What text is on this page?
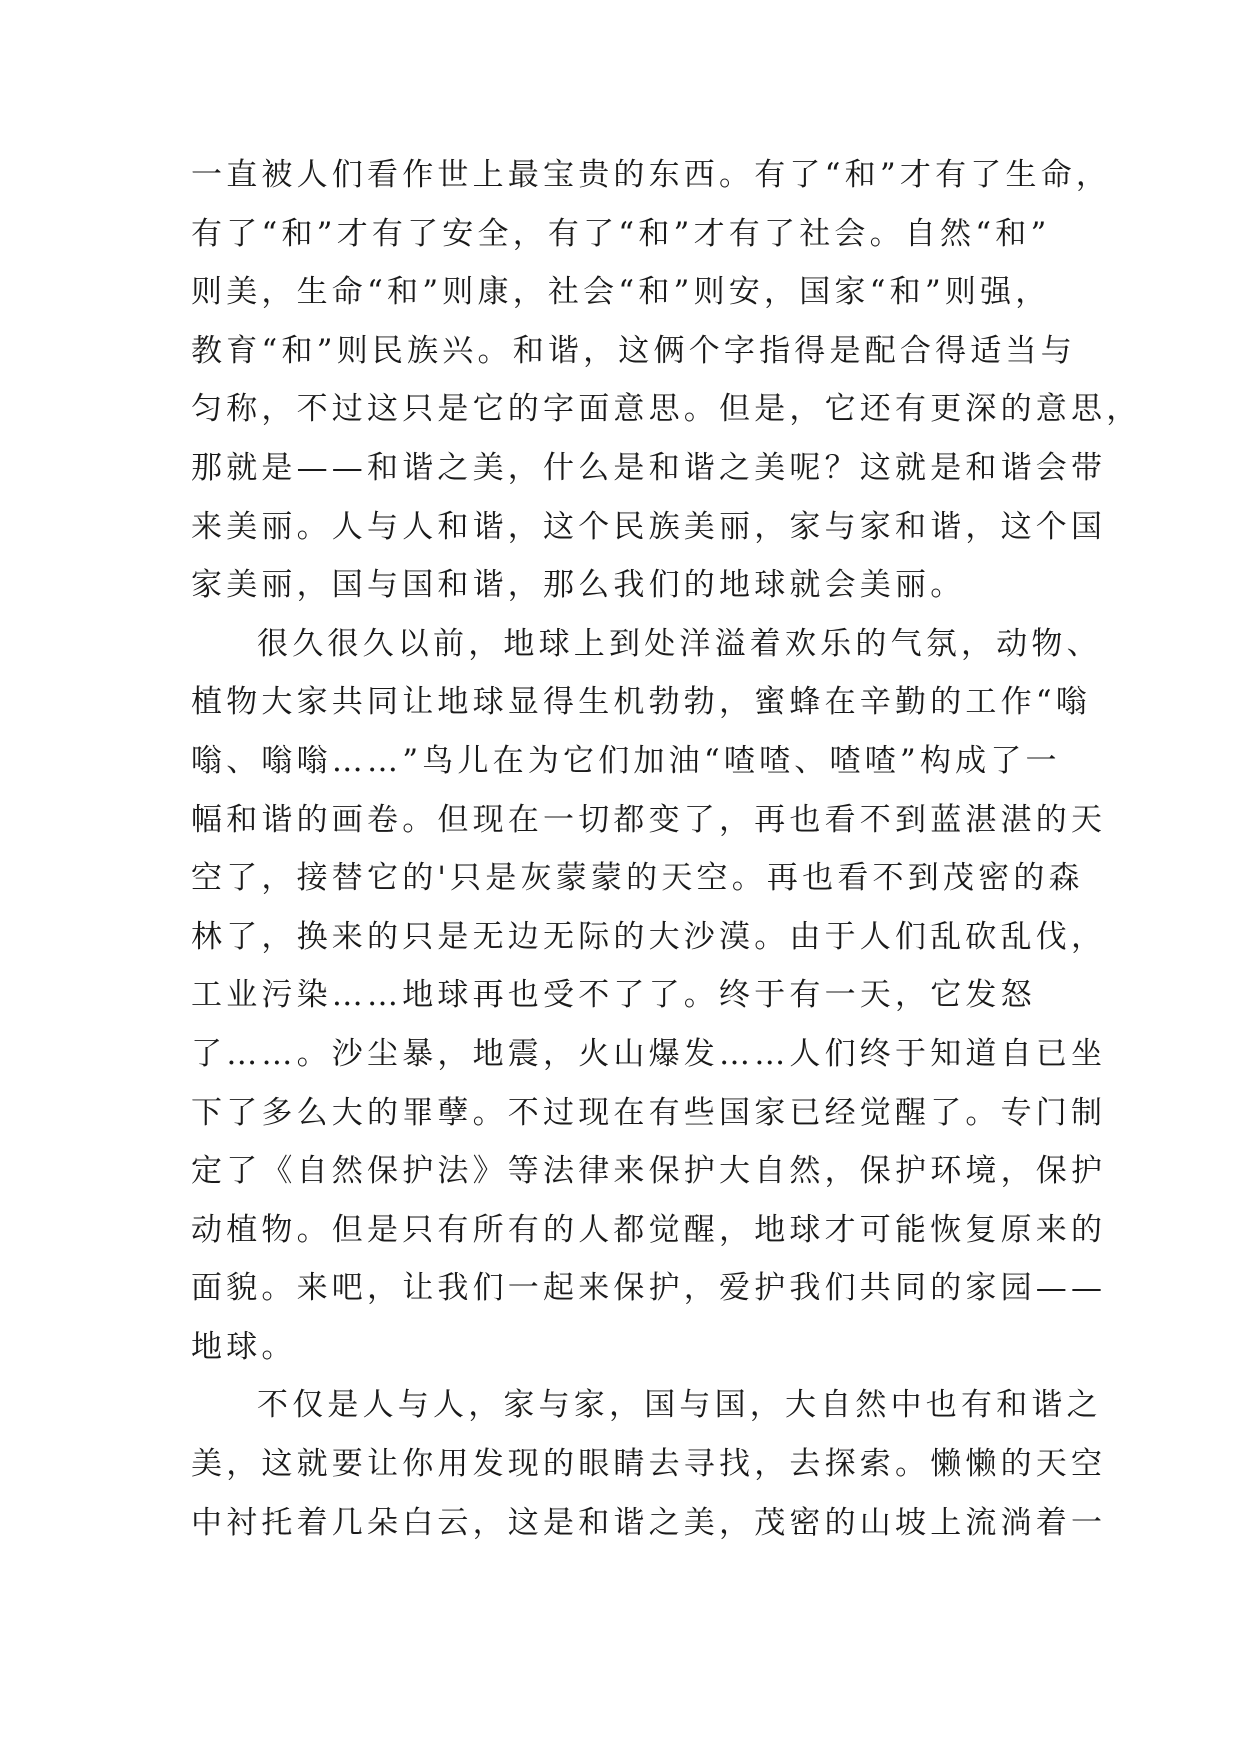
一直被人们看作世上最宝贵的东西。有了“和”才有了生命，
有了“和”才有了安全，有了“和”才有了社会。自然“和”
则美，生命“和”则康，社会“和”则安，国家“和”则强，
教育“和”则民族兴。和谐，这俩个字指得是配合得适当与
匀称，不过这只是它的字面意思。但是，它还有更深的意思，
那就是——和谐之美，什么是和谐之美呢？这就是和谐会带
来美丽。人与人和谐，这个民族美丽，家与家和谐，这个国
家美丽，国与国和谐，那么我们的地球就会美丽。
很久很久以前，地球上到处洋溢着欢乐的气氛，动物、
植物大家共同让地球显得生机勃勃，蜜蜂在辛勤的工作“嗡
嗡、嗡嗡……”鸟儿在为它们加油“喳喳、喳喳”构成了一
幅和谐的画卷。但现在一切都变了，再也看不到蓝湛湛的天
空了，接替它的'只是灰蒙蒙的天空。再也看不到茂密的森
林了，换来的只是无边无际的大沙漠。由于人们乱砍乱伐，
工业污染……地球再也受不了了。终于有一天，它发怒
了……。沙尘暴，地震，火山爆发……人们终于知道自已坐
下了多么大的罪孽。不过现在有些国家已经觉醒了。专门制
定了《自然保护法》等法律来保护大自然，保护环境，保护
动植物。但是只有所有的人都觉醒，地球才可能恢复原来的
面貌。来吧，让我们一起来保护，爱护我们共同的家园——
地球。
不仅是人与人，家与家，国与国，大自然中也有和谐之
美，这就要让你用发现的眼睛去寻找，去探索。懒懒的天空
中衬托着几朵白云，这是和谐之美，茂密的山坡上流淌着一
